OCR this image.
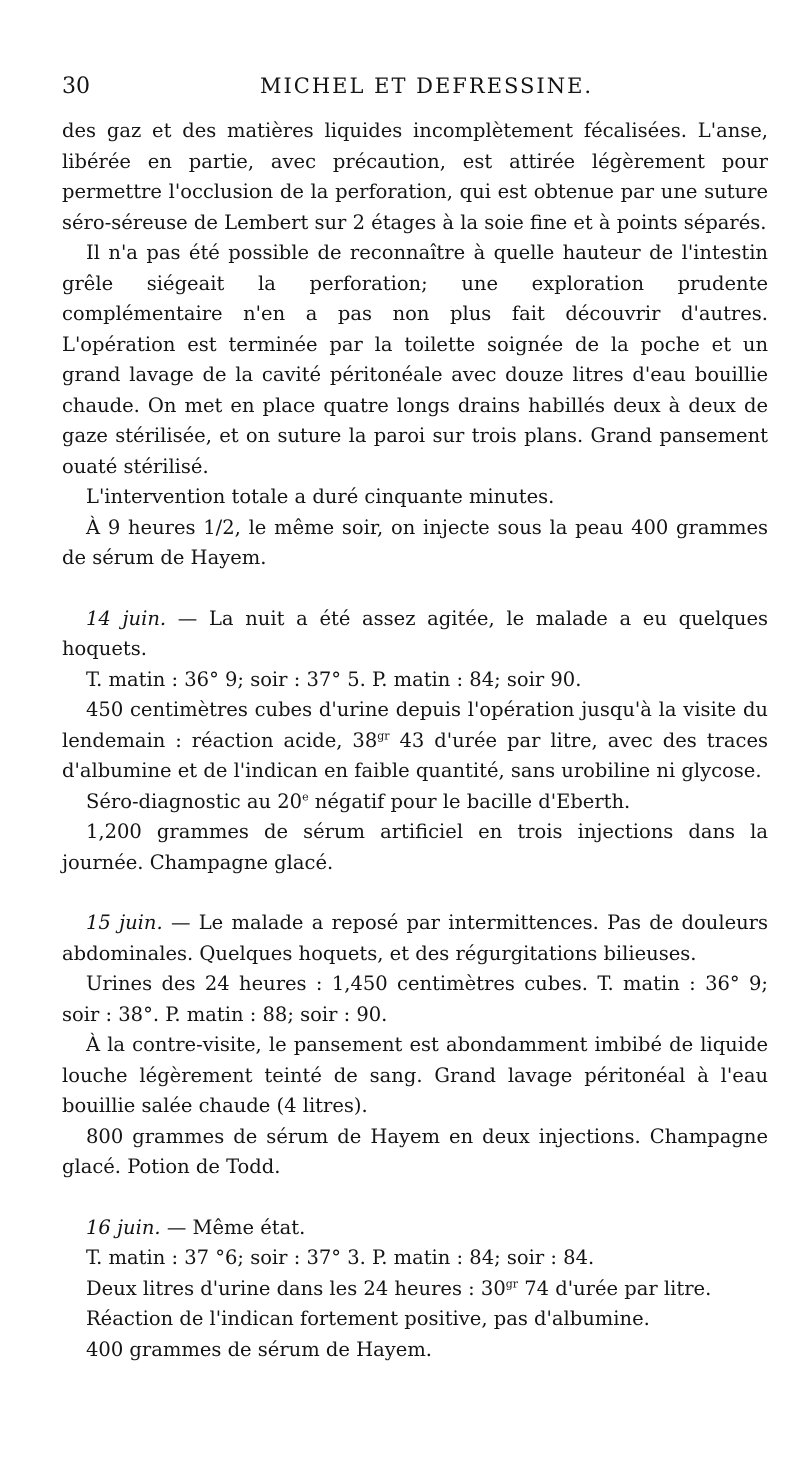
30	MICHEL ET DEFRESSINE.

des gaz et des matières liquides incomplètement fécalisées. L'anse, libérée en partie, avec précaution, est attirée légèrement pour permettre l'occlusion de la perforation, qui est obtenue par une suture séro-séreuse de Lembert sur 2 étages à la soie fine et à points séparés.

Il n'a pas été possible de reconnaître à quelle hauteur de l'intestin grêle siégeait la perforation; une exploration prudente complémentaire n'en a pas non plus fait découvrir d'autres. L'opération est terminée par la toilette soignée de la poche et un grand lavage de la cavité péritonéale avec douze litres d'eau bouillie chaude. On met en place quatre longs drains habillés deux à deux de gaze stérilisée, et on suture la paroi sur trois plans. Grand pansement ouaté stérilisé.

L'intervention totale a duré cinquante minutes.

À 9 heures 1/2, le même soir, on injecte sous la peau 400 grammes de sérum de Hayem.

14 juin. — La nuit a été assez agitée, le malade a eu quelques hoquets.

T. matin : 36° 9; soir : 37° 5. P. matin : 84; soir 90.

450 centimètres cubes d'urine depuis l'opération jusqu'à la visite du lendemain : réaction acide, $38^{gr}$ 43 d'urée par litre, avec des traces d'albumine et de l'indican en faible quantité, sans urobiline ni glycose.

Séro-diagnostic au 20e négatif pour le bacille d'Eberth.

1,200 grammes de sérum artificiel en trois injections dans la journée. Champagne glacé.

15 juin. — Le malade a reposé par intermittences. Pas de douleurs abdominales. Quelques hoquets, et des régurgitations bilieuses.

Urines des 24 heures : 1,450 centimètres cubes. T. matin : 36° 9; soir : 38°. P. matin : 88; soir : 90.

À la contre-visite, le pansement est abondamment imbibé de liquide louche légèrement teinté de sang. Grand lavage péritonéal à l'eau bouillie salée chaude (4 litres).

800 grammes de sérum de Hayem en deux injections. Champagne glacé. Potion de Todd.

16 juin. — Même état.

T. matin : 37 °6; soir : 37° 3. P. matin : 84; soir : 84.

Deux litres d'urine dans les 24 heures : $30^{gr}$ 74 d'urée par litre.

Réaction de l'indican fortement positive, pas d'albumine.

400 grammes de sérum de Hayem.
